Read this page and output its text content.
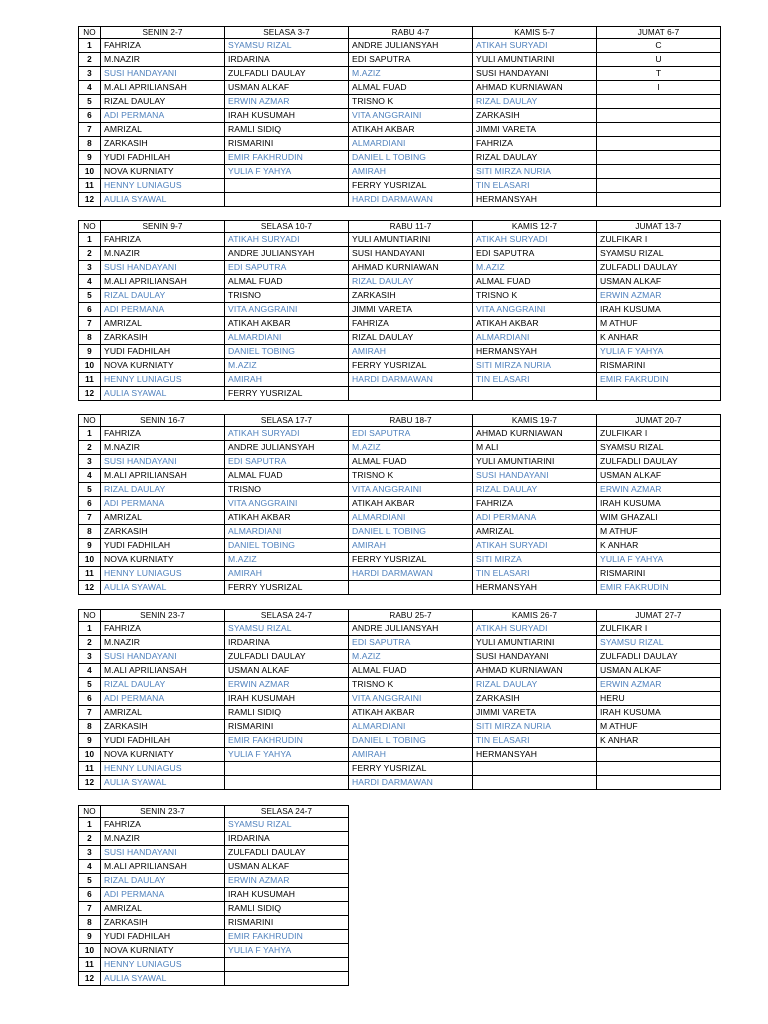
NO	SENIN 2-7	SELASA 3-7	RABU 4-7	KAMIS 5-7	JUMAT 6-7
1	FAHRIZA	SYAMSU RIZAL	ANDRE JULIANSYAH	ATIKAH SURYADI	C
2	M.NAZIR	IRDARINA	EDI SAPUTRA	YULI AMUNTIARINI	U
3	SUSI HANDAYANI	ZULFADLI DAULAY	M.AZIZ	SUSI HANDAYANI	T
4	M.ALI APRILIANSAH	USMAN ALKAF	ALMAL FUAD	AHMAD KURNIAWAN	I
5	RIZAL DAULAY	ERWIN AZMAR	TRISNO K	RIZAL DAULAY	
6	ADI PERMANA	IRAH KUSUMAH	VITA ANGGRAINI	ZARKASIH	
7	AMRIZAL	RAMLI SIDIQ	ATIKAH AKBAR	JIMMI VARETA	
8	ZARKASIH	RISMARINI	ALMARDIANI	FAHRIZA	
9	YUDI FADHILAH	EMIR FAKHRUDIN	DANIEL L TOBING	RIZAL DAULAY	
10	NOVA KURNIATY	YULIA F YAHYA	AMIRAH	SITI MIRZA NURIA	
11	HENNY LUNIAGUS		FERRY YUSRIZAL	TIN ELASARI	
12	AULIA SYAWAL		HARDI DARMAWAN	HERMANSYAH	
NO	SENIN 9-7	SELASA 10-7	RABU 11-7	KAMIS 12-7	JUMAT 13-7
1	FAHRIZA	ATIKAH SURYADI	YULI AMUNTIARINI	ATIKAH SURYADI	ZULFIKAR I
2	M.NAZIR	ANDRE JULIANSYAH	SUSI HANDAYANI	EDI SAPUTRA	SYAMSU RIZAL
3	SUSI HANDAYANI	EDI SAPUTRA	AHMAD KURNIAWAN	M.AZIZ	ZULFADLI DAULAY
4	M.ALI APRILIANSAH	ALMAL FUAD	RIZAL DAULAY	ALMAL FUAD	USMAN ALKAF
5	RIZAL DAULAY	TRISNO	ZARKASIH	TRISNO K	ERWIN AZMAR
6	ADI PERMANA	VITA ANGGRAINI	JIMMI VARETA	VITA ANGGRAINI	IRAH KUSUMA
7	AMRIZAL	ATIKAH AKBAR	FAHRIZA	ATIKAH AKBAR	M ATHUF
8	ZARKASIH	ALMARDIANI	RIZAL DAULAY	ALMARDIANI	K ANHAR
9	YUDI FADHILAH	DANIEL TOBING	AMIRAH	HERMANSYAH	YULIA F YAHYA
10	NOVA KURNIATY	M.AZIZ	FERRY YUSRIZAL	SITI MIRZA NURIA	RISMARINI
11	HENNY LUNIAGUS	AMIRAH	HARDI DARMAWAN	TIN ELASARI	EMIR FAKRUDIN
12	AULIA SYAWAL	FERRY YUSRIZAL			
NO	SENIN 16-7	SELASA 17-7	RABU 18-7	KAMIS 19-7	JUMAT 20-7
1	FAHRIZA	ATIKAH SURYADI	EDI SAPUTRA	AHMAD KURNIAWAN	ZULFIKAR I
2	M.NAZIR	ANDRE JULIANSYAH	M.AZIZ	M ALI	SYAMSU RIZAL
3	SUSI HANDAYANI	EDI SAPUTRA	ALMAL FUAD	YULI AMUNTIARINI	ZULFADLI DAULAY
4	M.ALI APRILIANSAH	ALMAL FUAD	TRISNO K	SUSI HANDAYANI	USMAN ALKAF
5	RIZAL DAULAY	TRISNO	VITA ANGGRAINI	RIZAL DAULAY	ERWIN AZMAR
6	ADI PERMANA	VITA ANGGRAINI	ATIKAH AKBAR	FAHRIZA	IRAH KUSUMA
7	AMRIZAL	ATIKAH AKBAR	ALMARDIANI	ADI PERMANA	WIM GHAZALI
8	ZARKASIH	ALMARDIANI	DANIEL L TOBING	AMRIZAL	M ATHUF
9	YUDI FADHILAH	DANIEL TOBING	AMIRAH	ATIKAH SURYADI	K ANHAR
10	NOVA KURNIATY	M.AZIZ	FERRY YUSRIZAL	SITI MIRZA	YULIA F YAHYA
11	HENNY LUNIAGUS	AMIRAH	HARDI DARMAWAN	TIN ELASARI	RISMARINI
12	AULIA SYAWAL	FERRY YUSRIZAL		HERMANSYAH	EMIR FAKRUDIN
NO	SENIN 23-7	SELASA 24-7	RABU 25-7	KAMIS 26-7	JUMAT 27-7
1	FAHRIZA	SYAMSU RIZAL	ANDRE JULIANSYAH	ATIKAH SURYADI	ZULFIKAR I
2	M.NAZIR	IRDARINA	EDI SAPUTRA	YULI AMUNTIARINI	SYAMSU RIZAL
3	SUSI HANDAYANI	ZULFADLI DAULAY	M.AZIZ	SUSI HANDAYANI	ZULFADLI DAULAY
4	M.ALI APRILIANSAH	USMAN ALKAF	ALMAL FUAD	AHMAD KURNIAWAN	USMAN ALKAF
5	RIZAL DAULAY	ERWIN AZMAR	TRISNO K	RIZAL DAULAY	ERWIN AZMAR
6	ADI PERMANA	IRAH KUSUMAH	VITA ANGGRAINI	ZARKASIH	HERU
7	AMRIZAL	RAMLI SIDIQ	ATIKAH AKBAR	JIMMI VARETA	IRAH KUSUMA
8	ZARKASIH	RISMARINI	ALMARDIANI	SITI MIRZA NURIA	M ATHUF
9	YUDI FADHILAH	EMIR FAKHRUDIN	DANIEL L TOBING	TIN ELASARI	K ANHAR
10	NOVA KURNIATY	YULIA F YAHYA	AMIRAH	HERMANSYAH	
11	HENNY LUNIAGUS		FERRY YUSRIZAL		
12	AULIA SYAWAL		HARDI DARMAWAN		
NO	SENIN 23-7	SELASA 24-7
1	FAHRIZA	SYAMSU RIZAL
2	M.NAZIR	IRDARINA
3	SUSI HANDAYANI	ZULFADLI DAULAY
4	M.ALI APRILIANSAH	USMAN ALKAF
5	RIZAL DAULAY	ERWIN AZMAR
6	ADI PERMANA	IRAH KUSUMAH
7	AMRIZAL	RAMLI SIDIQ
8	ZARKASIH	RISMARINI
9	YUDI FADHILAH	EMIR FAKHRUDIN
10	NOVA KURNIATY	YULIA F YAHYA
11	HENNY LUNIAGUS	
12	AULIA SYAWAL	
